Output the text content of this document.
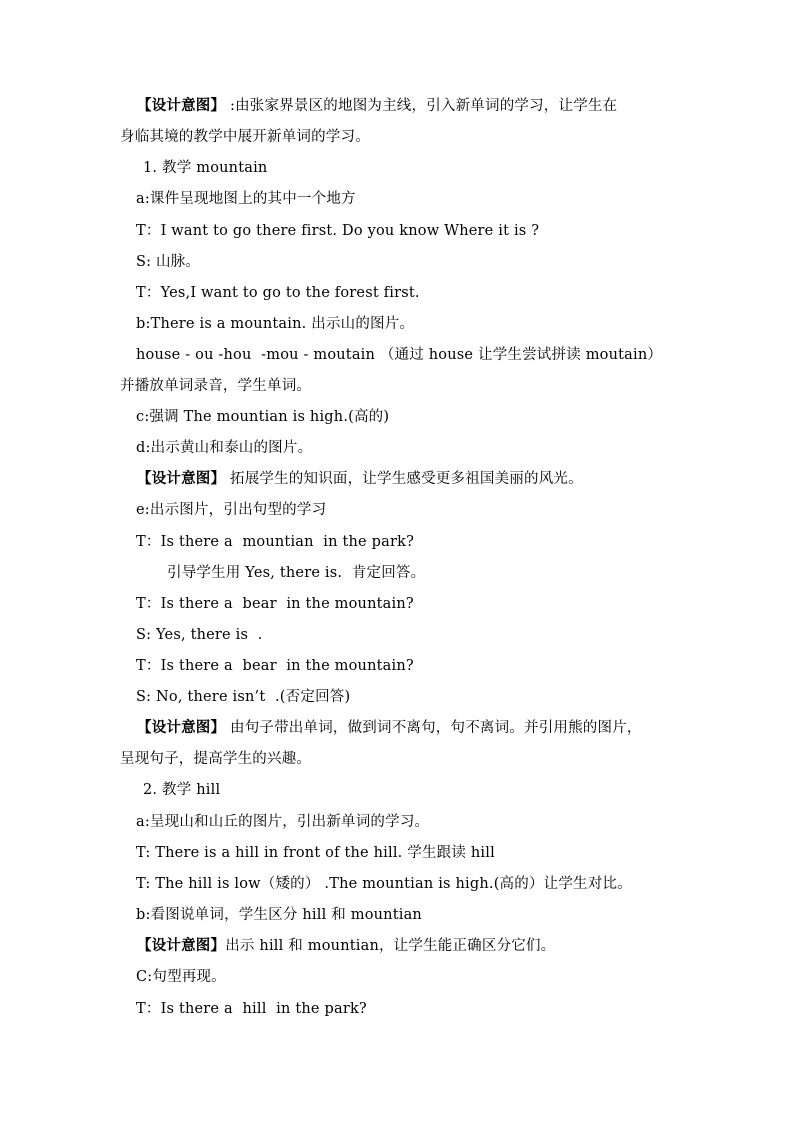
【设计意图】 :由张家界景区的地图为主线，引入新单词的学习，让学生在
身临其境的教学中展开新单词的学习。
1. 教学 mountain
a:课件呈现地图上的其中一个地方
T：I want to go there first. Do you know Where it is ?
S: 山脉。
T：Yes,I want to go to the forest first.
b:There is a mountain. 出示山的图片。
house - ou -hou  -mou - moutain （通过 house 让学生尝试拼读 moutain）
并播放单词录音，学生单词。
c:强调 The mountian is high.(高的)
d:出示黄山和泰山的图片。
【设计意图】 拓展学生的知识面，让学生感受更多祖国美丽的风光。
e:出示图片，引出句型的学习
T：Is there a  mountian  in the park?
引导学生用 Yes, there is.  肯定回答。
T：Is there a  bear  in the mountain?
S: Yes, there is  .
T：Is there a  bear  in the mountain?
S: No, there isn’t  .(否定回答)
【设计意图】 由句子带出单词，做到词不离句，句不离词。并引用熊的图片，
呈现句子，提高学生的兴趣。
2. 教学 hill
a:呈现山和山丘的图片，引出新单词的学习。
T: There is a hill in front of the hill. 学生跟读 hill
T: The hill is low（矮的） .The mountian is high.(高的）让学生对比。
b:看图说单词，学生区分 hill 和 mountian
【设计意图】出示 hill 和 mountian，让学生能正确区分它们。
C:句型再现。
T：Is there a  hill  in the park?
